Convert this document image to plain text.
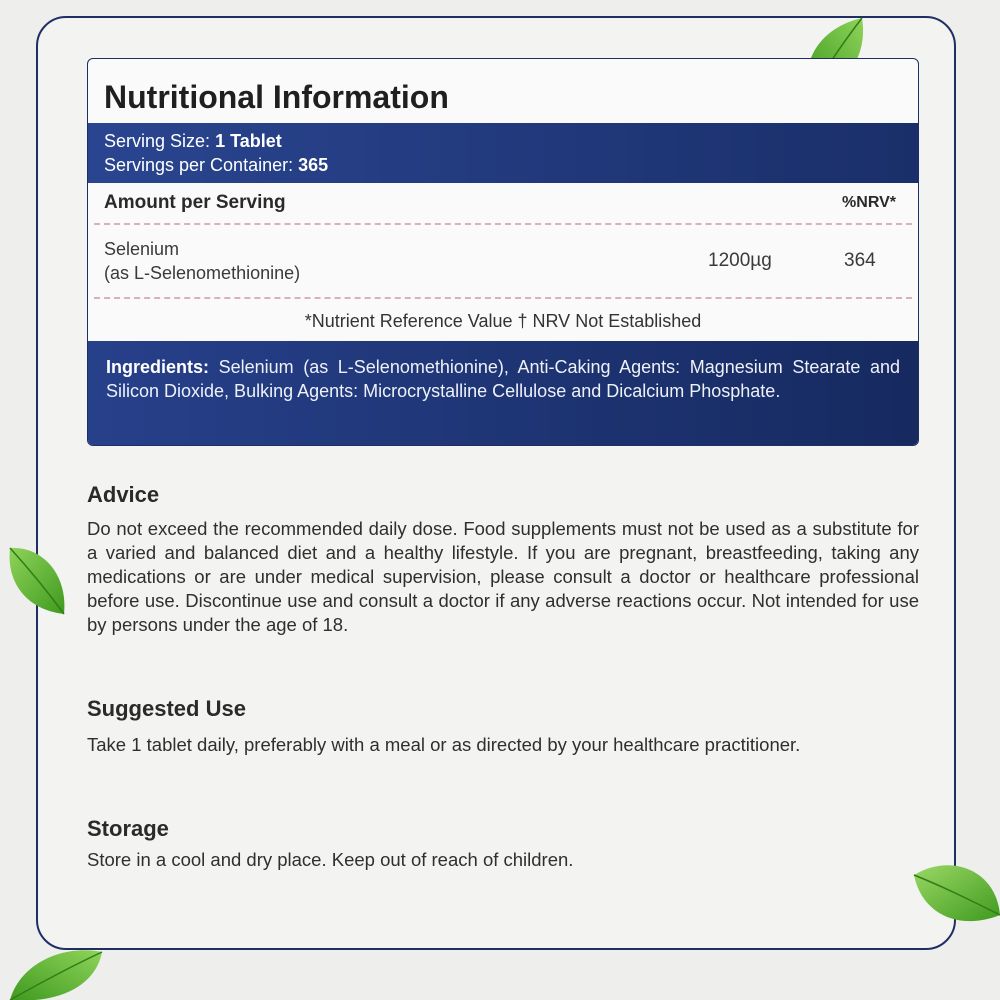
Nutritional Information
Serving Size: 1 Tablet
Servings per Container: 365
Amount per Serving	%NRV*
Selenium
(as L-Selenomethionine)
1200µg	364
*Nutrient Reference Value † NRV Not Established
Ingredients: Selenium (as L-Selenomethionine), Anti-Caking Agents: Magnesium Stearate and Silicon Dioxide, Bulking Agents: Microcrystalline Cellulose and Dicalcium Phosphate.
Advice

Do not exceed the recommended daily dose. Food supplements must not be used as a substitute for a varied and balanced diet and a healthy lifestyle. If you are pregnant, breastfeeding, taking any medications or are under medical supervision, please consult a doctor or healthcare professional before use. Discontinue use and consult a doctor if any adverse reactions occur. Not intended for use by persons under the age of 18.

Suggested Use

Take 1 tablet daily, preferably with a meal or as directed by your healthcare practitioner.

Storage

Store in a cool and dry place. Keep out of reach of children.
